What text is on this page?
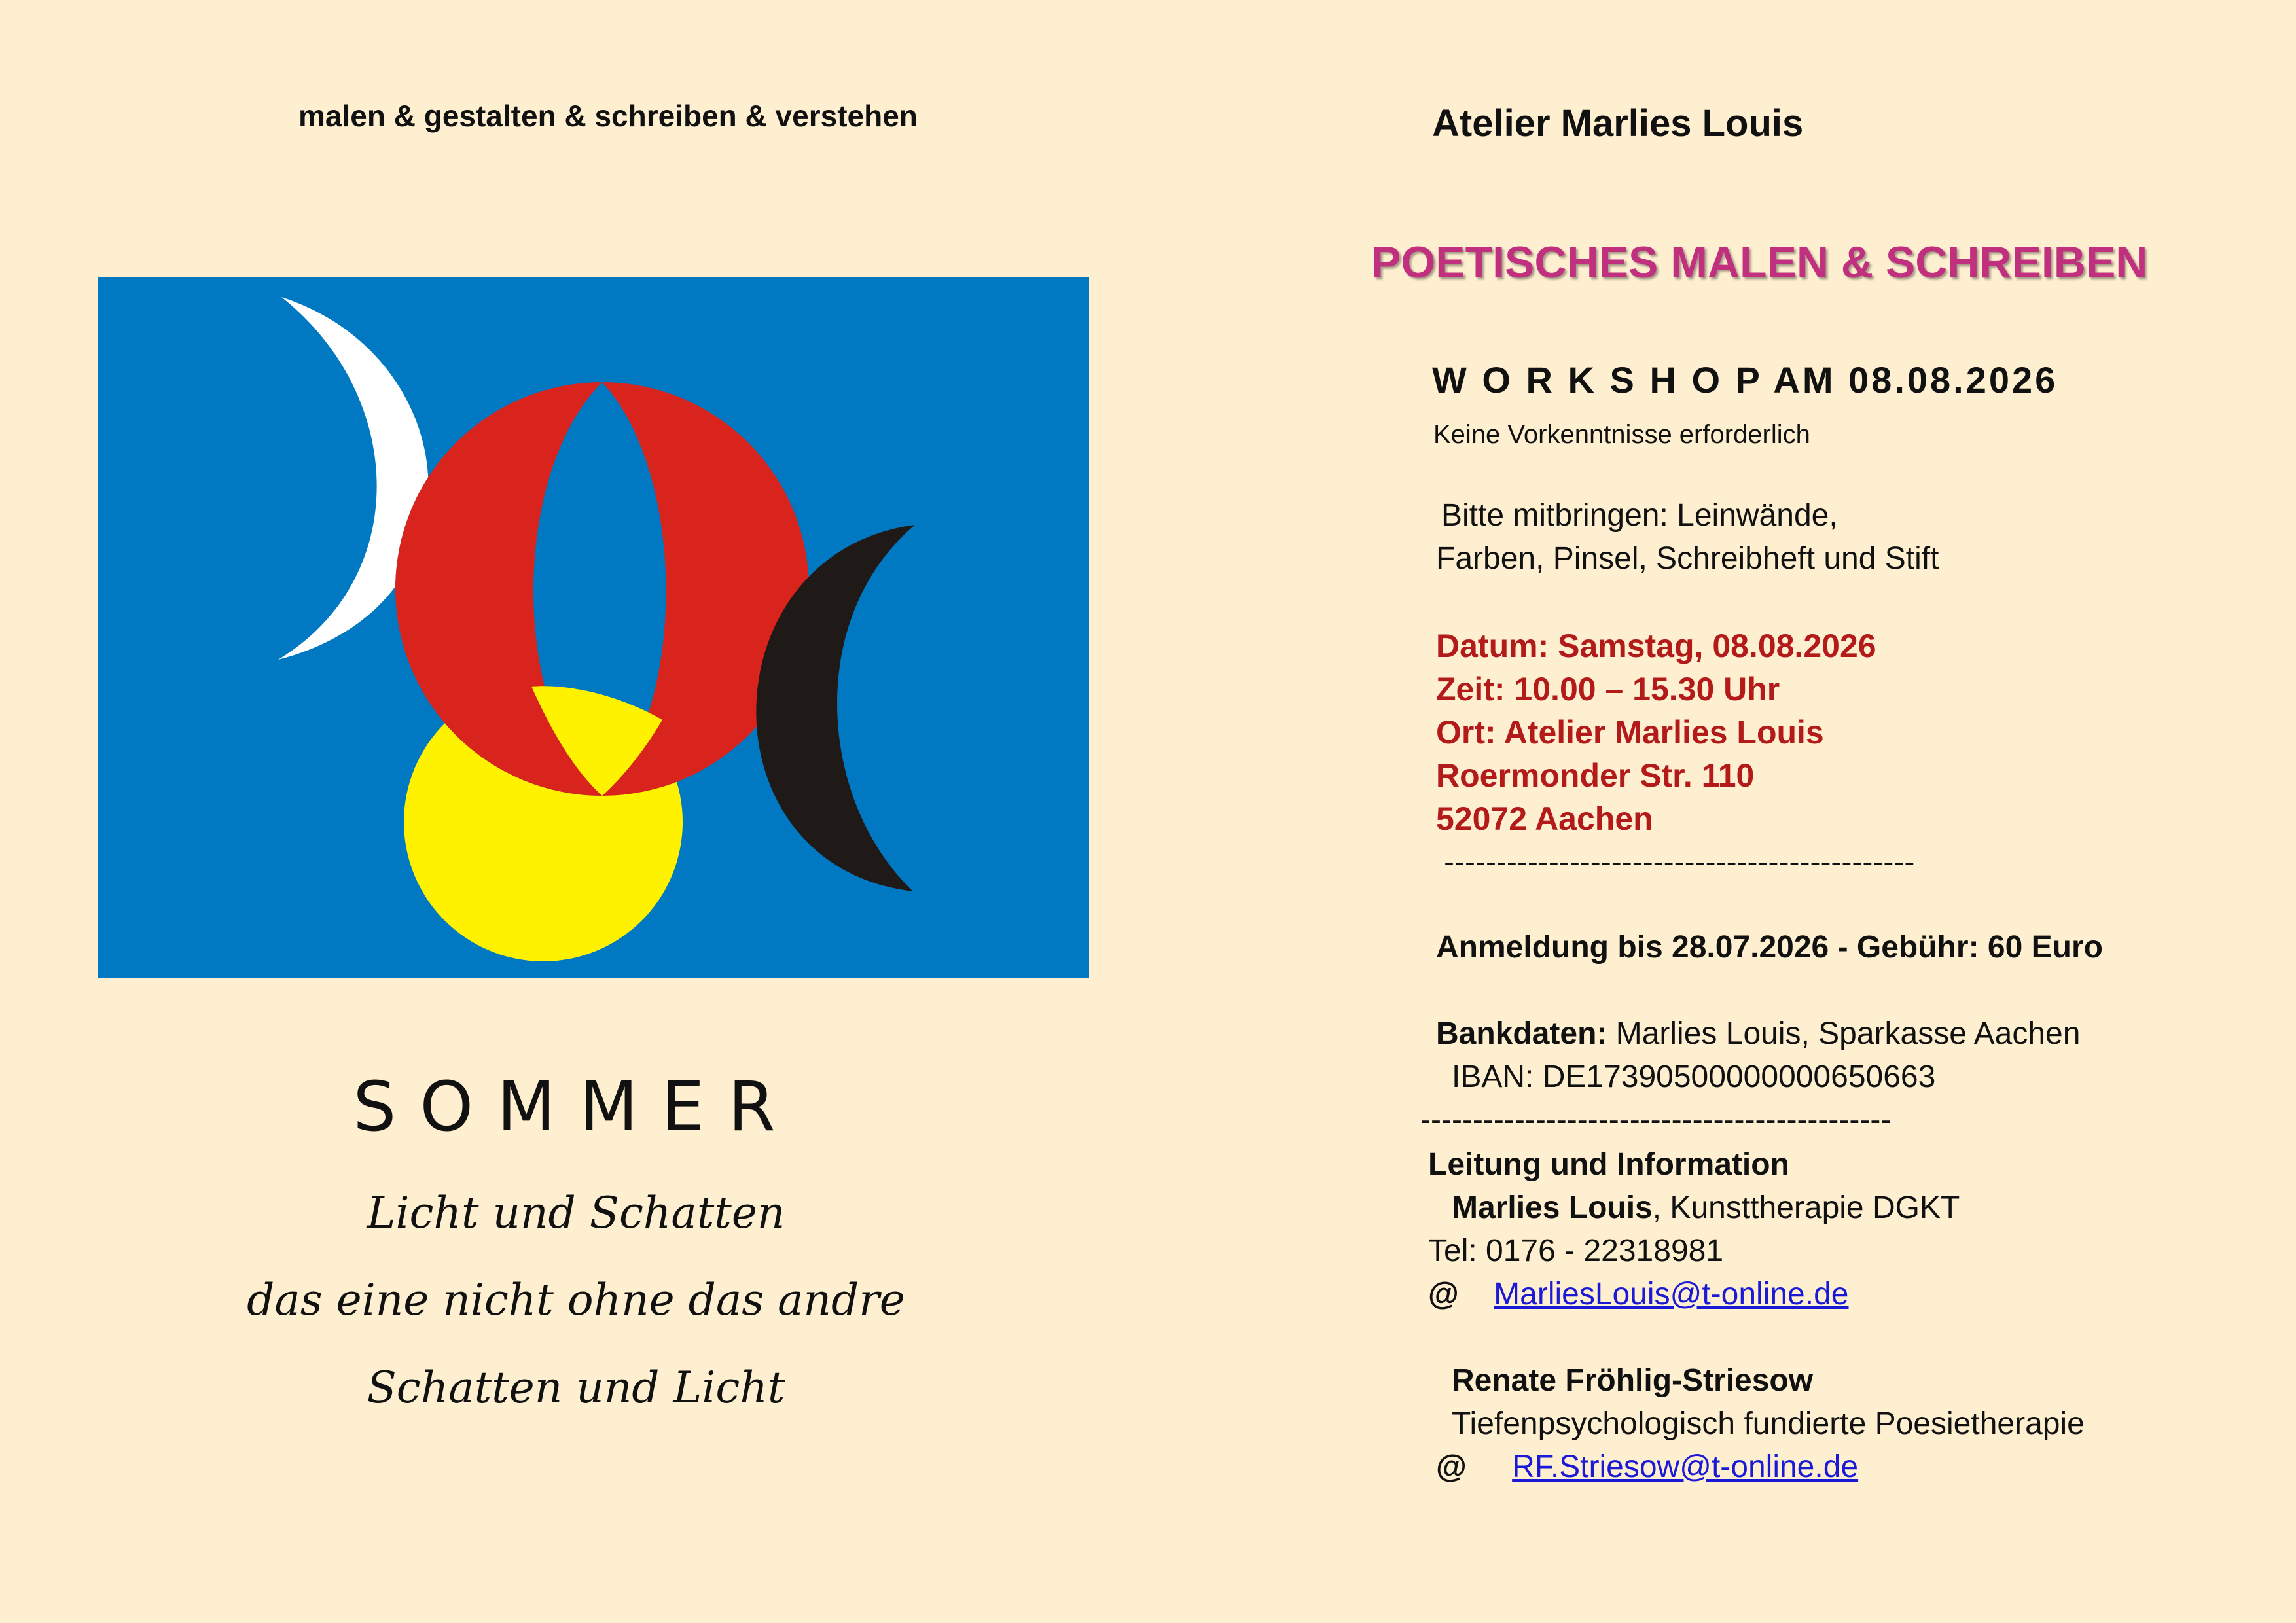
malen & gestalten & schreiben & verstehen
SOMMER
Licht und Schatten
das eine nicht ohne das andre
Schatten und Licht
Atelier Marlies Louis
POETISCHES MALEN & SCHREIBEN
W O R K S H O P AM 08.08.2026
Keine Vorkenntnisse erforderlich
Bitte mitbringen: Leinwände,
Farben, Pinsel, Schreibheft und Stift
Datum: Samstag, 08.08.2026
Zeit: 10.00 – 15.30 Uhr
Ort: Atelier Marlies Louis
Roermonder Str. 110
52072 Aachen
---------------------------------------------
Anmeldung bis 28.07.2026 - Gebühr: 60 Euro
Bankdaten: Marlies Louis, Sparkasse Aachen
IBAN: DE17390500000000650663
---------------------------------------------
Leitung und Information
Marlies Louis, Kunsttherapie DGKT
Tel: 0176 - 22318981
@ MarliesLouis@t-online.de
Renate Fröhlig-Striesow
Tiefenpsychologisch fundierte Poesietherapie
@ RF.Striesow@t-online.de
